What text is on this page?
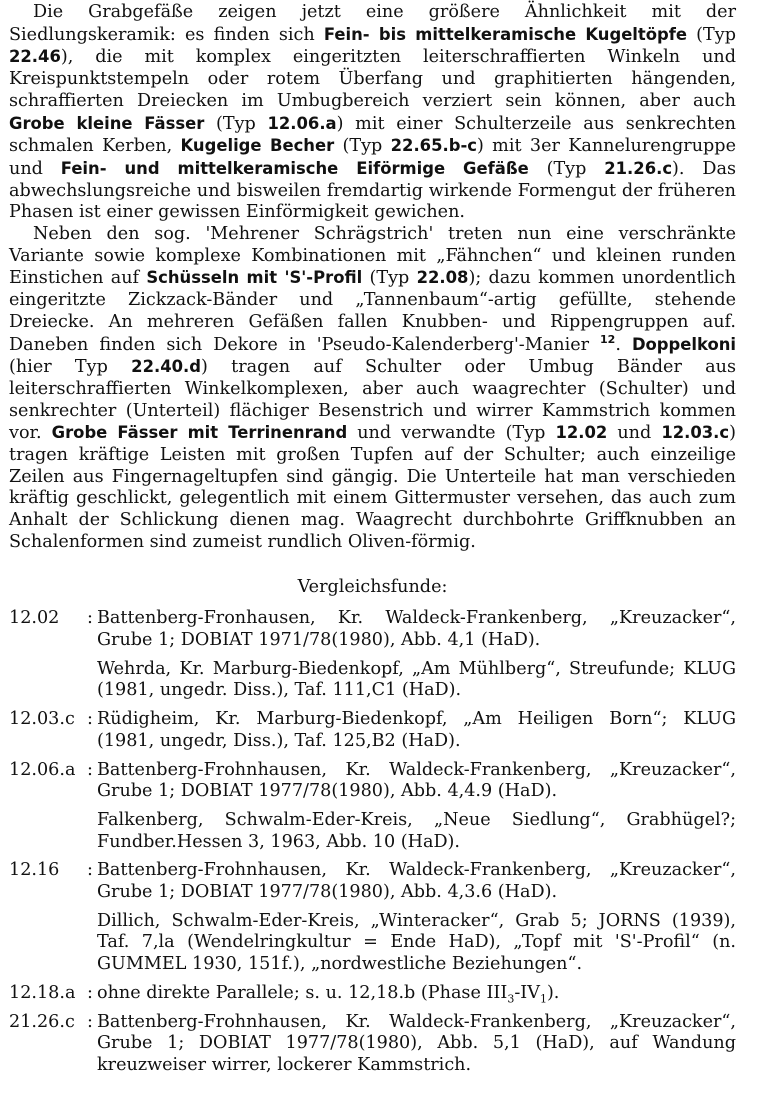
Die Grabgefäße zeigen jetzt eine größere Ähnlichkeit mit der Siedlungskeramik: es finden sich Fein- bis mittelkeramische Kugeltöpfe (Typ 22.46), die mit komplex eingeritzten leiterschraffierten Winkeln und Kreispunktstempeln oder rotem Überfang und graphitierten hängenden, schraffierten Dreiecken im Umbugbereich verziert sein können, aber auch Grobe kleine Fässer (Typ 12.06.a) mit einer Schulterzeile aus senkrechten schmalen Kerben, Kugelige Becher (Typ 22.65.b-c) mit 3er Kannelurengruppe und Fein- und mittelkeramische Eiförmige Gefäße (Typ 21.26.c). Das abwechslungsreiche und bisweilen fremdartig wirkende Formengut der früheren Phasen ist einer gewissen Einförmigkeit gewichen.

Neben den sog. 'Mehrener Schrägstrich' treten nun eine verschränkte Variante sowie komplexe Kombinationen mit „Fähnchen“ und kleinen runden Einstichen auf Schüsseln mit 'S'-Profil (Typ 22.08); dazu kommen unordentlich eingeritzte Zickzack-Bänder und „Tannenbaum“-artig gefüllte, stehende Dreiecke. An mehreren Gefäßen fallen Knubben- und Rippengruppen auf. Daneben finden sich Dekore in 'Pseudo-Kalenderberg'-Manier $^{12}$. Doppelkoni (hier Typ 22.40.d) tragen auf Schulter oder Umbug Bänder aus leiterschraffierten Winkelkomplexen, aber auch waagrechter (Schulter) und senkrechter (Unterteil) flächiger Besenstrich und wirrer Kammstrich kommen vor. Grobe Fässer mit Terrinenrand und verwandte (Typ 12.02 und 12.03.c) tragen kräftige Leisten mit großen Tupfen auf der Schulter; auch einzeilige Zeilen aus Fingernageltupfen sind gängig. Die Unterteile hat man verschieden kräftig geschlickt, gelegentlich mit einem Gittermuster versehen, das auch zum Anhalt der Schlickung dienen mag. Waagrecht durchbohrte Griffknubben an Schalenformen sind zumeist rundlich Oliven-förmig.

Vergleichsfunde:
12.02	: Battenberg-Fronhausen, Kr. Waldeck-Frankenberg, „Kreuzacker“, Grube 1; DOBIAT 1971/78(1980), Abb. 4,1 (HaD).

Wehrda, Kr. Marburg-Biedenkopf, „Am Mühlberg“, Streufunde; KLUG (1981, ungedr. Diss.), Taf. 111,C1 (HaD).

12.03.c : Rüdigheim, Kr. Marburg-Biedenkopf, „Am Heiligen Born“; KLUG (1981, ungedr, Diss.), Taf. 125,B2 (HaD).

12.06.a : Battenberg-Frohnhausen, Kr. Waldeck-Frankenberg, „Kreuzacker“, Grube 1; DOBIAT 1977/78(1980), Abb. 4,4.9 (HaD).

Falkenberg, Schwalm-Eder-Kreis, „Neue Siedlung“, Grabhügel?; Fundber.Hessen 3, 1963, Abb. 10 (HaD).

12.16	: Battenberg-Frohnhausen, Kr. Waldeck-Frankenberg, „Kreuzacker“, Grube 1; DOBIAT 1977/78(1980), Abb. 4,3.6 (HaD).

Dillich, Schwalm-Eder-Kreis, „Winteracker“, Grab 5; JORNS (1939), Taf. 7,la (Wendelringkultur = Ende HaD), „Topf mit 'S'-Profil“ (n. GUMMEL 1930, 151f.), „nordwestliche Beziehungen“.

12.18.a : ohne direkte Parallele; s. u. 12,18.b (Phase $III_3-IV_1$).

21.26.c : Battenberg-Frohnhausen, Kr. Waldeck-Frankenberg, „Kreuzacker“, Grube 1; DOBIAT 1977/78(1980), Abb. 5,1 (HaD), auf Wandung kreuzweiser wirrer, lockerer Kammstrich.
